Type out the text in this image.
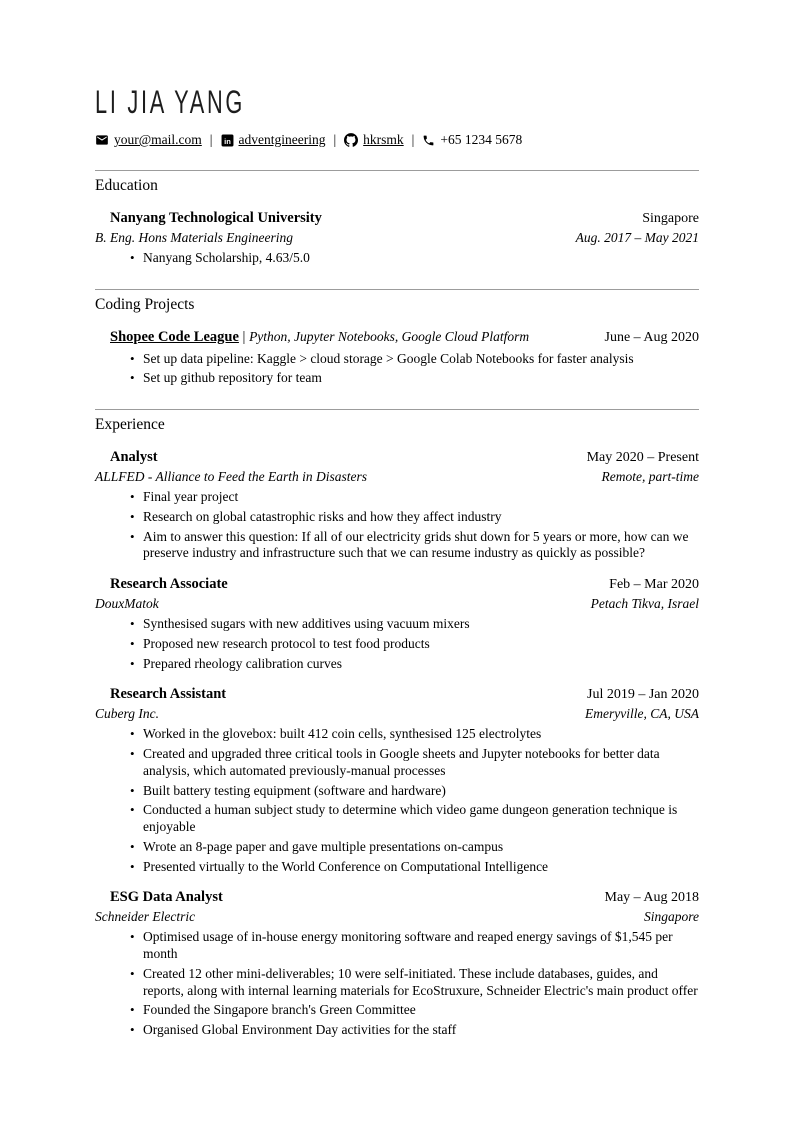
LI JIA YANG
your@mail.com | in adventgineering | hkrsmk | +65 1234 5678
Education
Nanyang Technological University	Singapore
B. Eng. Hons Materials Engineering	Aug. 2017 – May 2021
• Nanyang Scholarship, 4.63/5.0
Coding Projects
Shopee Code League | Python, Jupyter Notebooks, Google Cloud Platform	June – Aug 2020
• Set up data pipeline: Kaggle > cloud storage > Google Colab Notebooks for faster analysis
• Set up github repository for team
Experience
Analyst	May 2020 – Present
ALLFED - Alliance to Feed the Earth in Disasters	Remote, part-time
• Final year project
• Research on global catastrophic risks and how they affect industry
• Aim to answer this question: If all of our electricity grids shut down for 5 years or more, how can we preserve industry and infrastructure such that we can resume industry as quickly as possible?
Research Associate	Feb – Mar 2020
DouxMatok	Petach Tikva, Israel
• Synthesised sugars with new additives using vacuum mixers
• Proposed new research protocol to test food products
• Prepared rheology calibration curves
Research Assistant	Jul 2019 – Jan 2020
Cuberg Inc.	Emeryville, CA, USA
• Worked in the glovebox: built 412 coin cells, synthesised 125 electrolytes
• Created and upgraded three critical tools in Google sheets and Jupyter notebooks for better data analysis, which automated previously-manual processes
• Built battery testing equipment (software and hardware)
• Conducted a human subject study to determine which video game dungeon generation technique is enjoyable
• Wrote an 8-page paper and gave multiple presentations on-campus
• Presented virtually to the World Conference on Computational Intelligence
ESG Data Analyst	May – Aug 2018
Schneider Electric	Singapore
• Optimised usage of in-house energy monitoring software and reaped energy savings of $1,545 per month
• Created 12 other mini-deliverables; 10 were self-initiated. These include databases, guides, and reports, along with internal learning materials for EcoStruxure, Schneider Electric's main product offer
• Founded the Singapore branch's Green Committee
• Organised Global Environment Day activities for the staff
